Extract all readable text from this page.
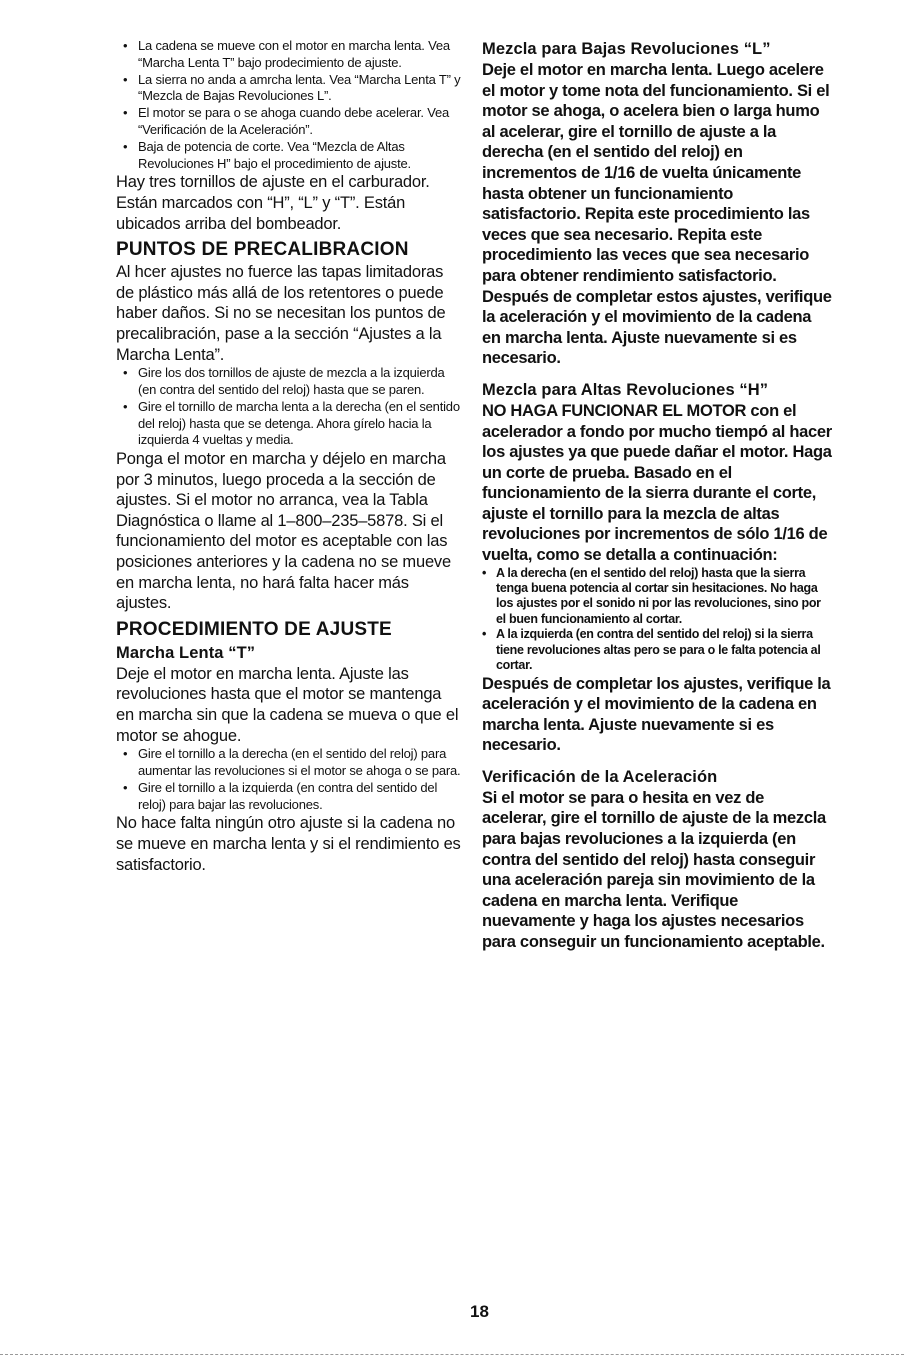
• La cadena se mueve con el motor en marcha lenta. Vea “Marcha Lenta T” bajo prodecimiento de ajuste.
• La sierra no anda a amrcha lenta. Vea “Marcha Lenta T” y “Mezcla de Bajas Revoluciones L”.
• El motor se para o se ahoga cuando debe acelerar. Vea “Verificación de la Aceleración”.
• Baja de potencia de corte. Vea “Mezcla de Altas Revoluciones H” bajo el procedimiento de ajuste.

Hay tres tornillos de ajuste en el carburador. Están marcados con “H”, “L” y “T”. Están ubicados arriba del bombeador.

PUNTOS DE PRECALIBRACION

Al hcer ajustes no fuerce las tapas limitadoras de plástico más allá de los retentores o puede haber daños. Si no se necesitan los puntos de precalibración, pase a la sección “Ajustes a la Marcha Lenta”.

• Gire los dos tornillos de ajuste de mezcla a la izquierda (en contra del sentido del reloj) hasta que se paren.
• Gire el tornillo de marcha lenta a la derecha (en el sentido del reloj) hasta que se detenga. Ahora gírelo hacia la izquierda 4 vueltas y media.

Ponga el motor en marcha y déjelo en marcha por 3 minutos, luego proceda a la sección de ajustes. Si el motor no arranca, vea la Tabla Diagnóstica o llame al 1–800–235–5878. Si el funcionamiento del motor es aceptable con las posiciones anteriores y la cadena no se mueve en marcha lenta, no hará falta hacer más ajustes.

PROCEDIMIENTO DE AJUSTE
Marcha Lenta “T”

Deje el motor en marcha lenta. Ajuste las revoluciones hasta que el motor se mantenga en marcha sin que la cadena se mueva o que el motor se ahogue.

• Gire el tornillo a la derecha (en el sentido del reloj) para aumentar las revoluciones si el motor se ahoga o se para.
• Gire el tornillo a la izquierda (en contra del sentido del reloj) para bajar las revoluciones.

No hace falta ningún otro ajuste si la cadena no se mueve en marcha lenta y si el rendimiento es satisfactorio.

Mezcla para Bajas Revoluciones “L”

Deje el motor en marcha lenta. Luego acelere el motor y tome nota del funcionamiento. Si el motor se ahoga, o acelera bien o larga humo al acelerar, gire el tornillo de ajuste a la derecha (en el sentido del reloj) en incrementos de 1/16 de vuelta únicamente hasta obtener un funcionamiento satisfactorio. Repita este procedimiento las veces que sea necesario. Repita este procedimiento las veces que sea necesario para obtener rendimiento satisfactorio. Después de completar estos ajustes, verifique la aceleración y el movimiento de la cadena en marcha lenta. Ajuste nuevamente si es necesario.

Mezcla para Altas Revoluciones “H”

NO HAGA FUNCIONAR EL MOTOR con el acelerador a fondo por mucho tiempó al hacer los ajustes ya que puede dañar el motor. Haga un corte de prueba. Basado en el funcionamiento de la sierra durante el corte, ajuste el tornillo para la mezcla de altas revoluciones por incrementos de sólo 1/16 de vuelta, como se detalla a continuación:

• A la derecha (en el sentido del reloj) hasta que la sierra tenga buena potencia al cortar sin hesitaciones. No haga los ajustes por el sonido ni por las revoluciones, sino por el buen funcionamiento al cortar.
• A la izquierda (en contra del sentido del reloj) si la sierra tiene revoluciones altas pero se para o le falta potencia al cortar.

Después de completar los ajustes, verifique la aceleración y el movimiento de la cadena en marcha lenta. Ajuste nuevamente si es necesario.

Verificación de la Aceleración

Si el motor se para o hesita en vez de acelerar, gire el tornillo de ajuste de la mezcla para bajas revoluciones a la izquierda (en contra del sentido del reloj) hasta conseguir una aceleración pareja sin movimiento de la cadena en marcha lenta. Verifique nuevamente y haga los ajustes necesarios para conseguir un funcionamiento aceptable.

18
